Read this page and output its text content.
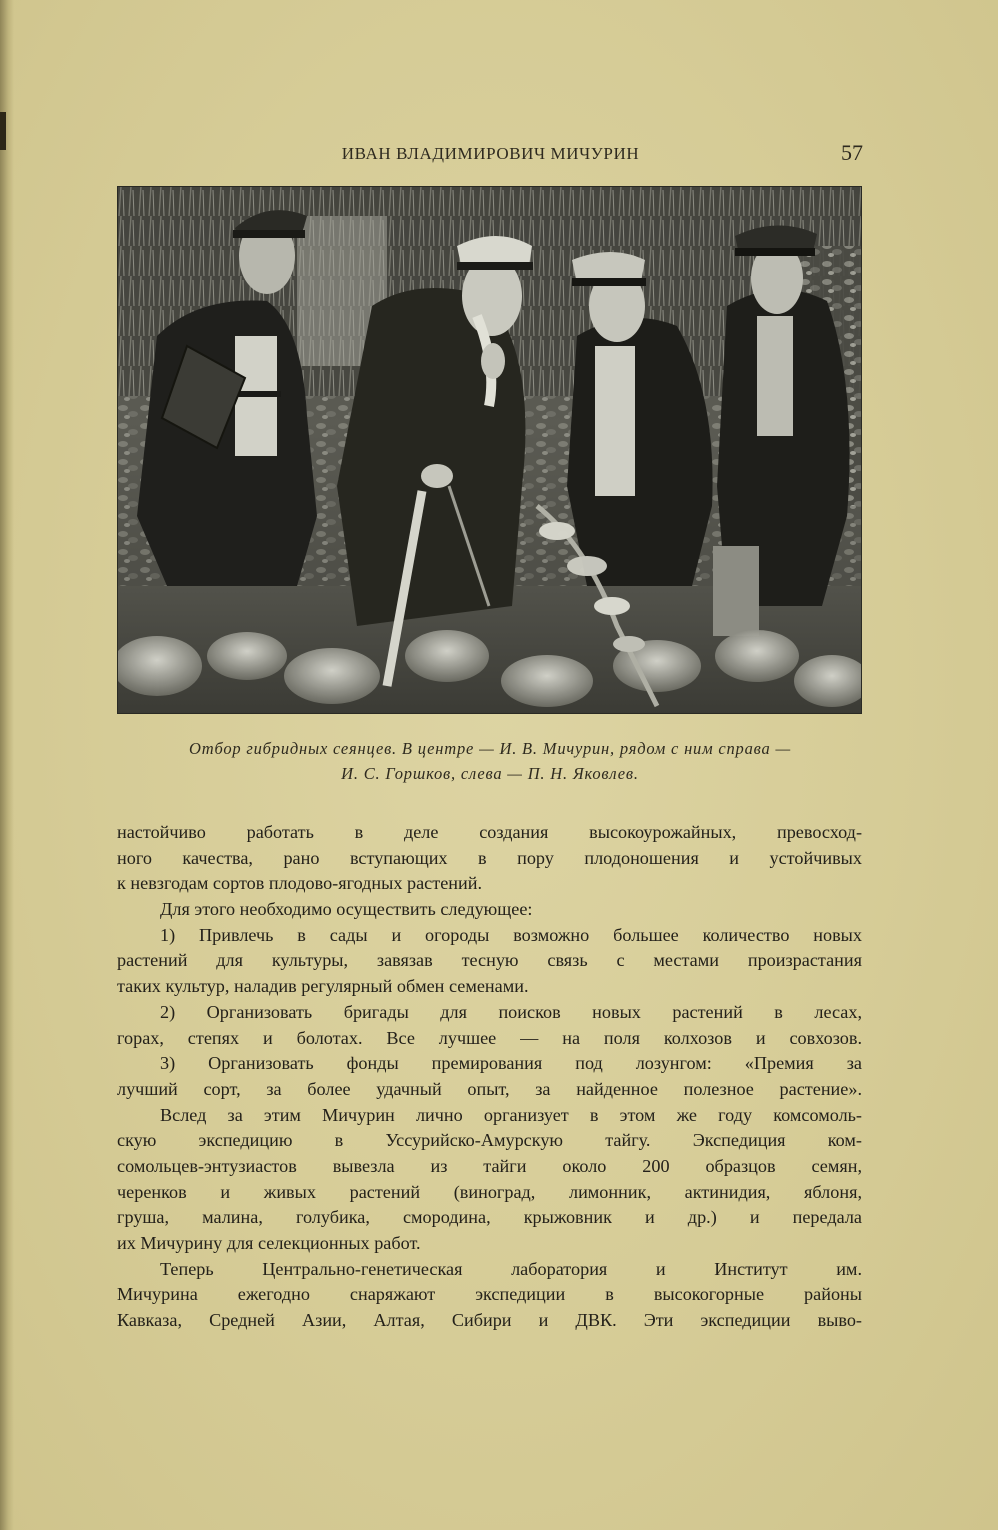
ИВАН ВЛАДИМИРОВИЧ МИЧУРИН	57
Отбор гибридных сеянцев. В центре — И. В. Мичурин, рядом с ним справа —
И. С. Горшков, слева — П. Н. Яковлев.
настойчиво работать в деле создания высокоурожайных, превосход-
ного качества, рано вступающих в пору плодоношения и устойчивых
к невзгодам сортов плодово-ягодных растений.
Для этого необходимо осуществить следующее:
1) Привлечь в сады и огороды возможно большее количество новых
растений для культуры, завязав тесную связь с местами произрастания
таких культур, наладив регулярный обмен семенами.
2) Организовать бригады для поисков новых растений в лесах,
горах, степях и болотах. Все лучшее — на поля колхозов и совхозов.
3) Организовать фонды премирования под лозунгом: «Премия за
лучший сорт, за более удачный опыт, за найденное полезное растение».
Вслед за этим Мичурин лично организует в этом же году комсомоль-
скую экспедицию в Уссурийско-Амурскую тайгу. Экспедиция ком-
сомольцев-энтузиастов вывезла из тайги около 200 образцов семян,
черенков и живых растений (виноград, лимонник, актинидия, яблоня,
груша, малина, голубика, смородина, крыжовник и др.) и передала
их Мичурину для селекционных работ.
Теперь Центрально-генетическая лаборатория и Институт им.
Мичурина ежегодно снаряжают экспедиции в высокогорные районы
Кавказа, Средней Азии, Алтая, Сибири и ДВК. Эти экспедиции выво-
